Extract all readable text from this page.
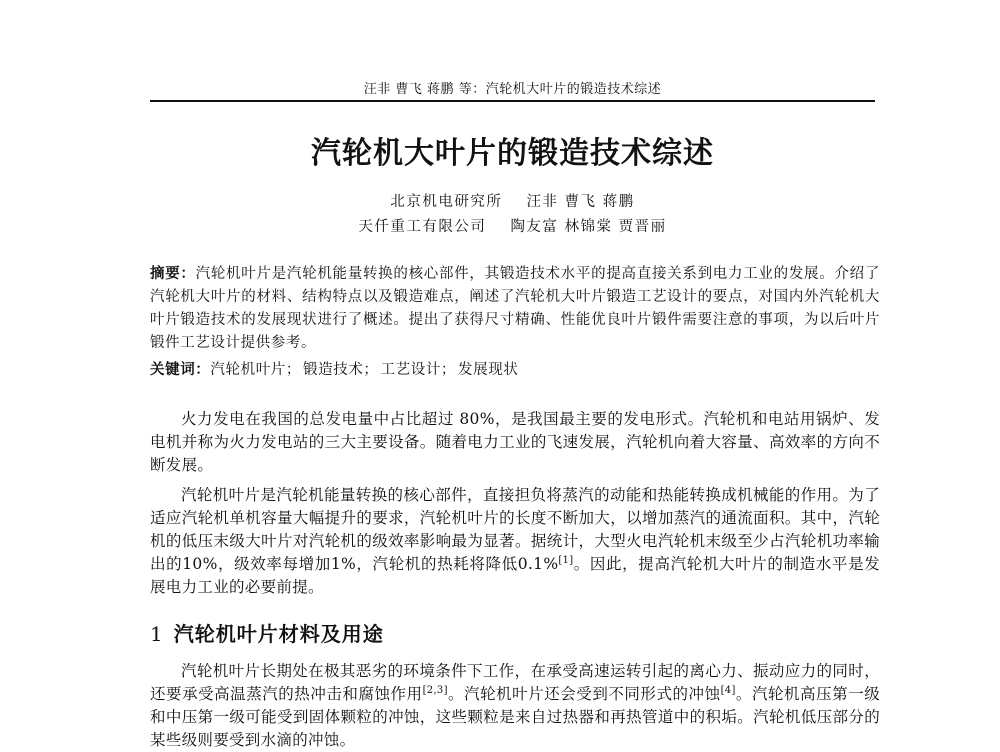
汪非 曹飞 蒋鹏 等：汽轮机大叶片的锻造技术综述
汽轮机大叶片的锻造技术综述
北京机电研究所 汪非 曹飞 蒋鹏
天仟重工有限公司 陶友富 林锦棠 贾晋丽
摘要：汽轮机叶片是汽轮机能量转换的核心部件，其锻造技术水平的提高直接关系到电力工业的发展。介绍了汽轮机大叶片的材料、结构特点以及锻造难点，阐述了汽轮机大叶片锻造工艺设计的要点，对国内外汽轮机大叶片锻造技术的发展现状进行了概述。提出了获得尺寸精确、性能优良叶片锻件需要注意的事项，为以后叶片锻件工艺设计提供参考。
关键词：汽轮机叶片； 锻造技术； 工艺设计； 发展现状
火力发电在我国的总发电量中占比超过 80%，是我国最主要的发电形式。汽轮机和电站用锅炉、发电机并称为火力发电站的三大主要设备。随着电力工业的飞速发展，汽轮机向着大容量、高效率的方向不断发展。
汽轮机叶片是汽轮机能量转换的核心部件，直接担负将蒸汽的动能和热能转换成机械能的作用。为了适应汽轮机单机容量大幅提升的要求，汽轮机叶片的长度不断加大，以增加蒸汽的通流面积。其中，汽轮机的低压末级大叶片对汽轮机的级效率影响最为显著。据统计，大型火电汽轮机末级至少占汽轮机功率输出的10%，级效率每增加1%，汽轮机的热耗将降低0.1%[1]。因此，提高汽轮机大叶片的制造水平是发展电力工业的必要前提。
1 汽轮机叶片材料及用途
汽轮机叶片长期处在极其恶劣的环境条件下工作，在承受高速运转引起的离心力、振动应力的同时，还要承受高温蒸汽的热冲击和腐蚀作用[2,3]。汽轮机叶片还会受到不同形式的冲蚀[4]。汽轮机高压第一级和中压第一级可能受到固体颗粒的冲蚀，这些颗粒是来自过热器和再热管道中的积垢。汽轮机低压部分的某些级则要受到水滴的冲蚀。
